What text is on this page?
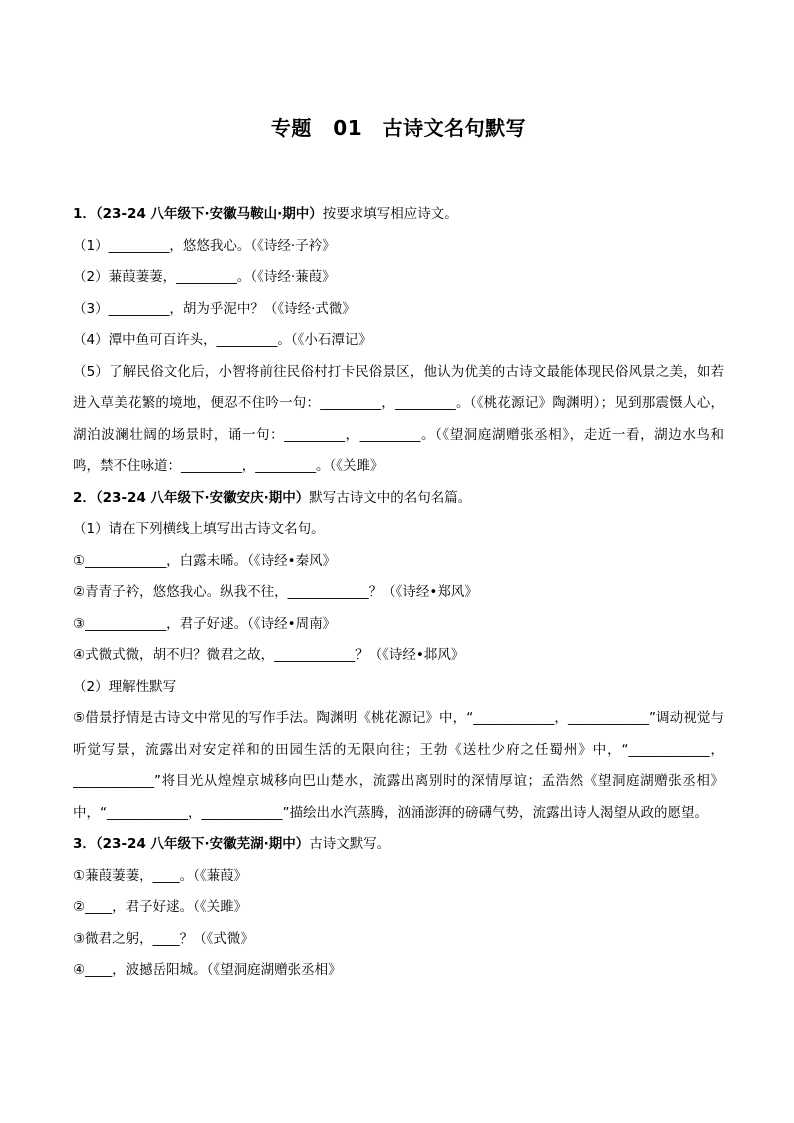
专题 01　古诗文名句默写
1．（23-24 八年级下·安徽马鞍山·期中）按要求填写相应诗文。
（1）_________，悠悠我心。（《诗经·子衿》
（2）蒹葭萋萋，_________。（《诗经·蒹葭》
（3）_________，胡为乎泥中？（《诗经·式微》
（4）潭中鱼可百许头，_________。（《小石潭记》
（5）了解民俗文化后，小智将前往民俗村打卡民俗景区，他认为优美的古诗文最能体现民俗风景之美，如若进入草美花繁的境地，便忍不住吟一句：_________，_________。（《桃花源记》陶渊明）；见到那震慑人心，湖泊波澜壮阔的场景时，诵一句：_________，_________。（《望洞庭湖赠张丞相》，走近一看，湖边水鸟和鸣，禁不住咏道：_________，_________。（《关雎》
2．（23-24 八年级下·安徽安庆·期中）默写古诗文中的名句名篇。
（1）请在下列横线上填写出古诗文名句。
①____________，白露未晞。（《诗经•秦风》
②青青子衿，悠悠我心。纵我不往，____________？（《诗经•郑风》
③____________，君子好逑。（《诗经•周南》
④式微式微，胡不归？微君之故，____________？（《诗经•邶风》
（2）理解性默写
⑤借景抒情是古诗文中常见的写作手法。陶渊明《桃花源记》中，“____________，____________”调动视觉与听觉写景，流露出对安定祥和的田园生活的无限向往；王勃《送杜少府之任蜀州》中，“____________，____________”将目光从煌煌京城移向巴山楚水，流露出离别时的深情厚谊；孟浩然《望洞庭湖赠张丞相》中，“____________，____________”描绘出水汽蒸腾，汹涌澎湃的磅礴气势，流露出诗人渴望从政的愿望。
3．（23-24 八年级下·安徽芜湖·期中）古诗文默写。
①蒹葭萋萋，____。（《蒹葭》
②____，君子好逑。（《关雎》
③微君之躬，____？（《式微》
④____，波撼岳阳城。（《望洞庭湖赠张丞相》
